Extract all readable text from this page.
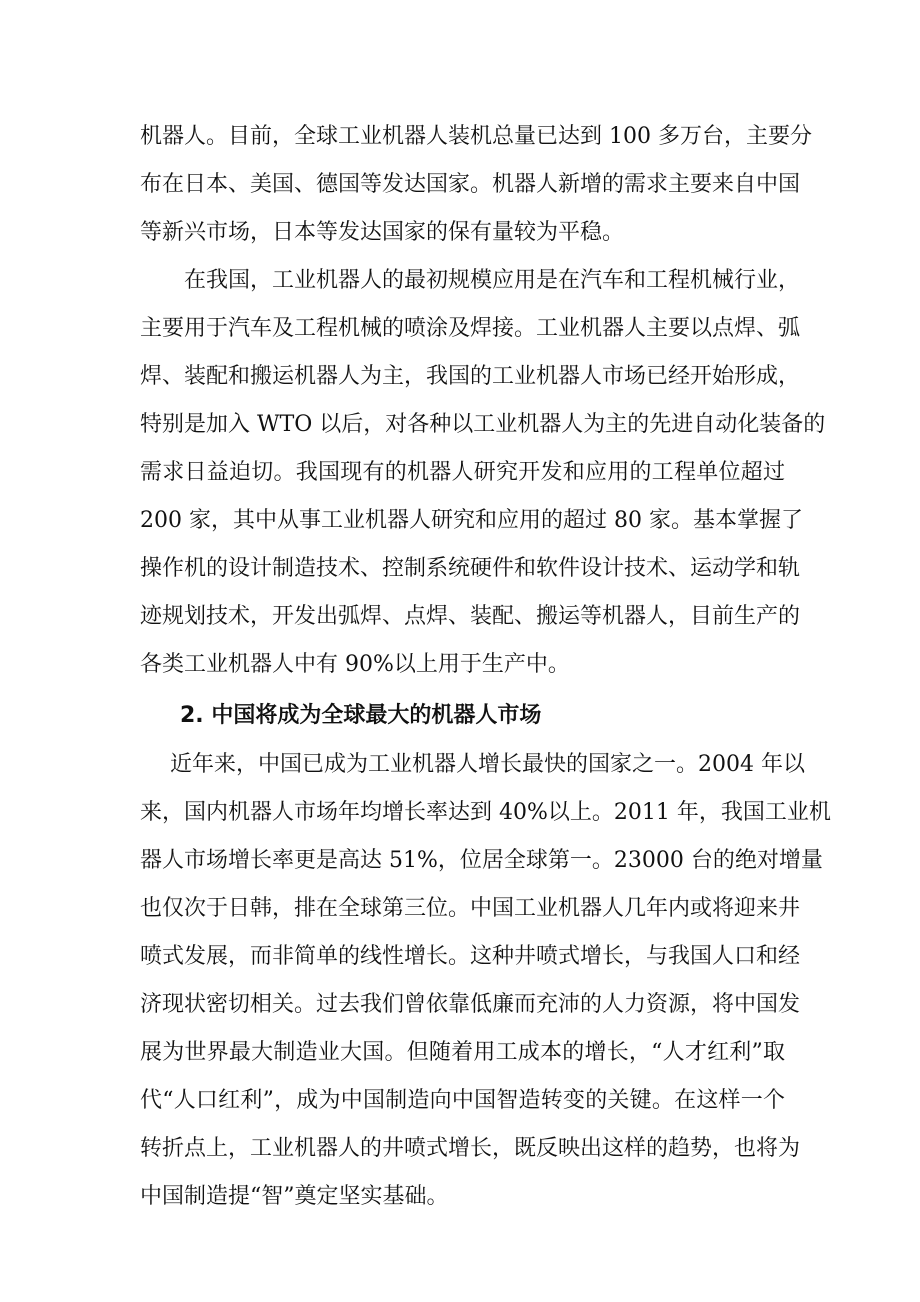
机器人。目前，全球工业机器人装机总量已达到 100 多万台，主要分
布在日本、美国、德国等发达国家。机器人新增的需求主要来自中国
等新兴市场，日本等发达国家的保有量较为平稳。
在我国，工业机器人的最初规模应用是在汽车和工程机械行业，
主要用于汽车及工程机械的喷涂及焊接。工业机器人主要以点焊、弧
焊、装配和搬运机器人为主，我国的工业机器人市场已经开始形成，
特别是加入 WTO 以后，对各种以工业机器人为主的先进自动化装备的
需求日益迫切。我国现有的机器人研究开发和应用的工程单位超过
200 家，其中从事工业机器人研究和应用的超过 80 家。基本掌握了
操作机的设计制造技术、控制系统硬件和软件设计技术、运动学和轨
迹规划技术，开发出弧焊、点焊、装配、搬运等机器人，目前生产的
各类工业机器人中有 90%以上用于生产中。
2. 中国将成为全球最大的机器人市场
近年来，中国已成为工业机器人增长最快的国家之一。2004 年以
来，国内机器人市场年均增长率达到 40%以上。2011 年，我国工业机
器人市场增长率更是高达 51%，位居全球第一。23000 台的绝对增量
也仅次于日韩，排在全球第三位。中国工业机器人几年内或将迎来井
喷式发展，而非简单的线性增长。这种井喷式增长，与我国人口和经
济现状密切相关。过去我们曾依靠低廉而充沛的人力资源，将中国发
展为世界最大制造业大国。但随着用工成本的增长，“人才红利”取
代“人口红利”，成为中国制造向中国智造转变的关键。在这样一个
转折点上，工业机器人的井喷式增长，既反映出这样的趋势，也将为
中国制造提“智”奠定坚实基础。
